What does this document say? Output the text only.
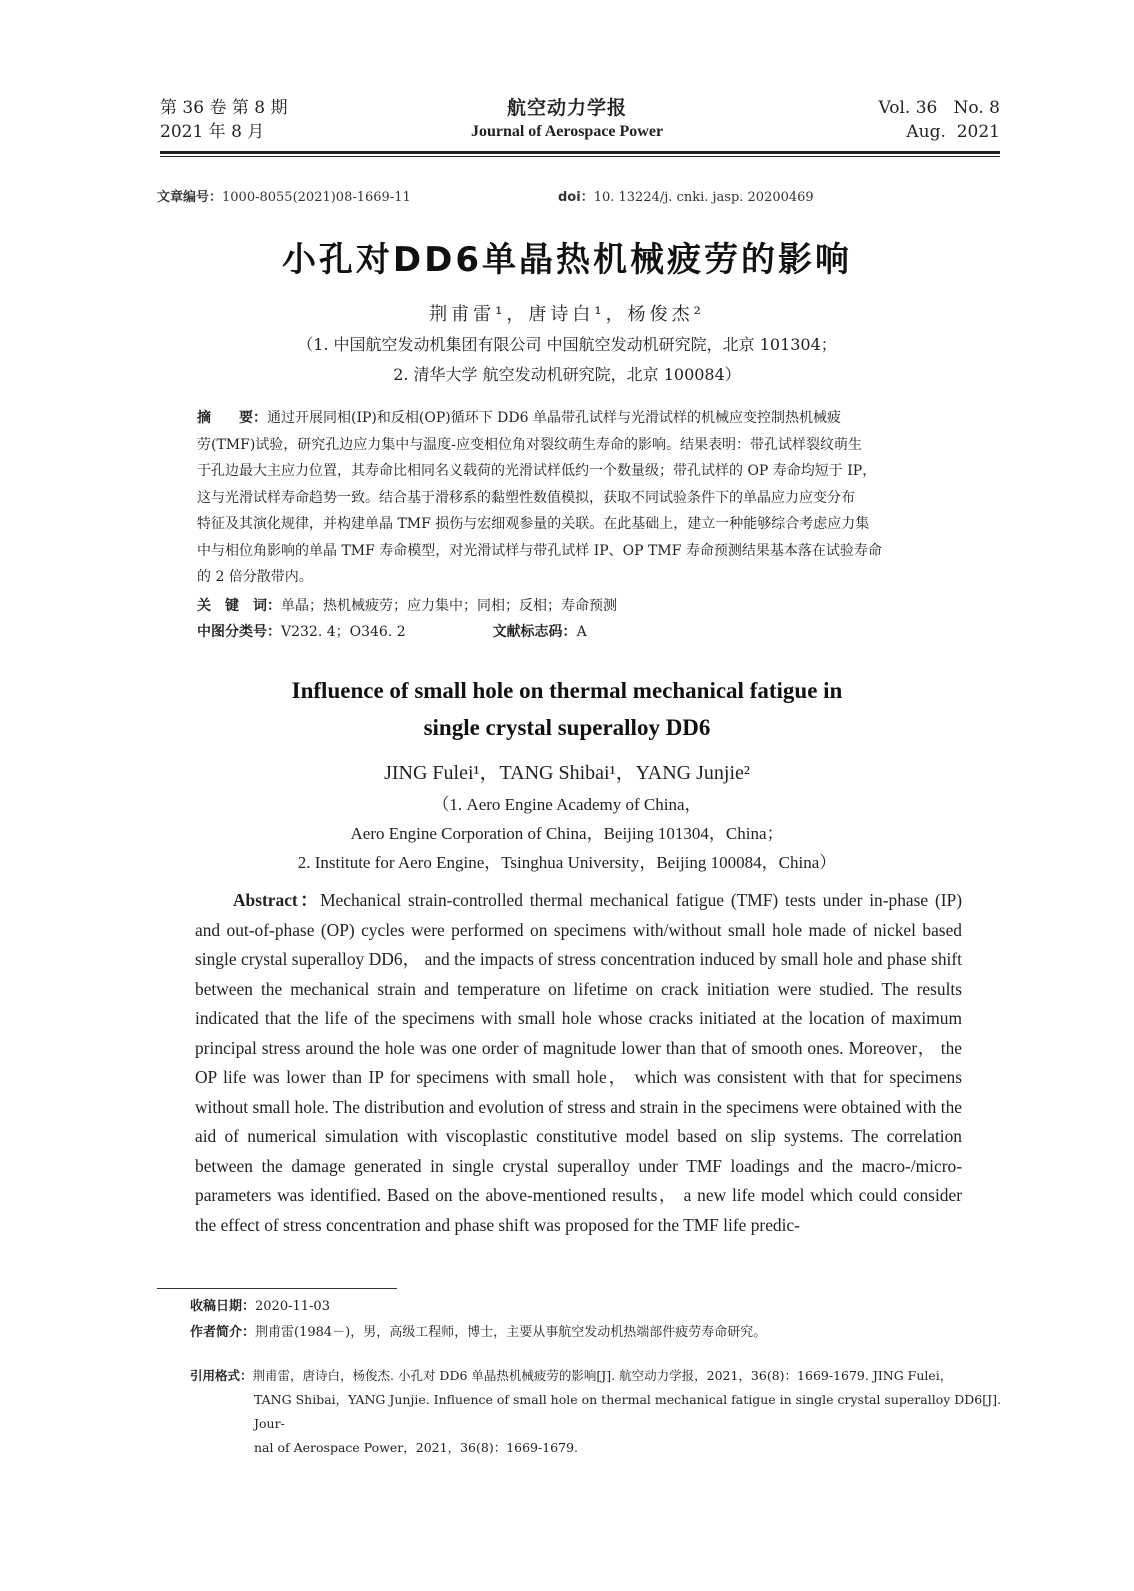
第 36 卷 第 8 期
2021 年 8 月
航空动力学报
Journal of Aerospace Power
Vol. 36   No. 8
Aug.  2021
文章编号：1000-8055(2021)08-1669-11	doi：10. 13224/j. cnki. jasp. 20200469
小孔对DD6单晶热机械疲劳的影响
荆甫雷¹，唐诗白¹，杨俊杰²
（1. 中国航空发动机集团有限公司 中国航空发动机研究院，北京 101304；
2. 清华大学 航空发动机研究院，北京 100084）
摘　　要：通过开展同相(IP)和反相(OP)循环下 DD6 单晶带孔试样与光滑试样的机械应变控制热机械疲
劳(TMF)试验，研究孔边应力集中与温度-应变相位角对裂纹萌生寿命的影响。结果表明：带孔试样裂纹萌生
于孔边最大主应力位置，其寿命比相同名义载荷的光滑试样低约一个数量级；带孔试样的 OP 寿命均短于 IP，
这与光滑试样寿命趋势一致。结合基于滑移系的黏塑性数值模拟，获取不同试验条件下的单晶应力应变分布
特征及其演化规律，并构建单晶 TMF 损伤与宏细观参量的关联。在此基础上，建立一种能够综合考虑应力集
中与相位角影响的单晶 TMF 寿命模型，对光滑试样与带孔试样 IP、OP TMF 寿命预测结果基本落在试验寿命
的 2 倍分散带内。
关　键　词：单晶；热机械疲劳；应力集中；同相；反相；寿命预测
中图分类号：V232. 4；O346. 2	文献标志码：A
Influence of small hole on thermal mechanical fatigue in
single crystal superalloy DD6
JING Fulei¹，TANG Shibai¹，YANG Junjie²
（1. Aero Engine Academy of China，
Aero Engine Corporation of China，Beijing 101304，China；
2. Institute for Aero Engine，Tsinghua University，Beijing 100084，China）
Abstract：Mechanical strain-controlled thermal mechanical fatigue (TMF) tests under in-phase (IP) and out-of-phase (OP) cycles were performed on specimens with/without small hole made of nickel based single crystal superalloy DD6， and the impacts of stress concentration induced by small hole and phase shift between the mechanical strain and temperature on lifetime on crack initiation were studied. The results indicated that the life of the specimens with small hole whose cracks initiated at the location of maximum principal stress around the hole was one order of magnitude lower than that of smooth ones. Moreover， the OP life was lower than IP for specimens with small hole， which was consistent with that for specimens without small hole. The distribution and evolution of stress and strain in the specimens were obtained with the aid of numerical simulation with viscoplastic constitutive model based on slip systems. The correlation between the damage generated in single crystal superalloy under TMF loadings and the macro-/micro-parameters was identified. Based on the above-mentioned results， a new life model which could consider the effect of stress concentration and phase shift was proposed for the TMF life predic-
收稿日期：2020-11-03
作者简介：荆甫雷(1984－)，男，高级工程师，博士，主要从事航空发动机热端部件疲劳寿命研究。
引用格式：荆甫雷，唐诗白，杨俊杰. 小孔对 DD6 单晶热机械疲劳的影响[J]. 航空动力学报，2021，36(8)：1669-1679. JING Fulei，
TANG Shibai，YANG Junjie. Influence of small hole on thermal mechanical fatigue in single crystal superalloy DD6[J]. Jour-
nal of Aerospace Power，2021，36(8)：1669-1679.
